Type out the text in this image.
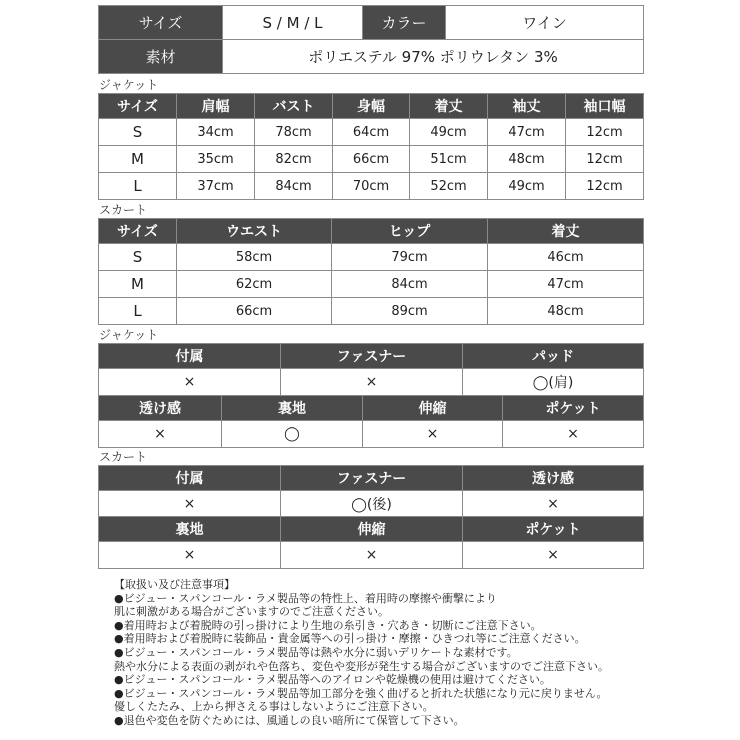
サイズ	S / M / L	カラー	ワイン
素材	ポリエステル 97% ポリウレタン 3%		
ジャケット
サイズ	肩幅	バスト	身幅	着丈	袖丈	袖口幅
S	34cm	78cm	64cm	49cm	47cm	12cm
M	35cm	82cm	66cm	51cm	48cm	12cm
L	37cm	84cm	70cm	52cm	49cm	12cm
スカート
サイズ	ウエスト	ヒップ	着丈
S	58cm	79cm	46cm
M	62cm	84cm	47cm
L	66cm	89cm	48cm
ジャケット
付属	ファスナー	パッド
×	×	◯(肩)
透け感	裏地	伸縮	ポケット
×	◯	×	×
スカート
付属	ファスナー	透け感
×	◯(後)	×
裏地	伸縮	ポケット
×	×	×
【取扱い及び注意事項】
●ビジュー・スパンコール・ラメ製品等の特性上、着用時の摩擦や衝撃により
肌に刺激がある場合がございますのでご注意ください。
●着用時および着脱時の引っ掛けにより生地の糸引き・穴あき・切断にご注意下さい。
●着用時および着脱時に装飾品・貴金属等への引っ掛け・摩擦・ひきつれ等にご注意ください。
●ビジュー・スパンコール・ラメ製品等は熱や水分に弱いデリケートな素材です。
熱や水分による表面の剥がれや色落ち、変色や変形が発生する場合がございますのでご注意下さい。
●ビジュー・スパンコール・ラメ製品等へのアイロンや乾燥機の使用は避けてください。
●ビジュー・スパンコール・ラメ製品等加工部分を強く曲げると折れた状態になり元に戻りません。
優しくたたみ、上から押さえる事はしないようにご注意下さい。
●退色や変色を防ぐためには、風通しの良い暗所にて保管して下さい。
